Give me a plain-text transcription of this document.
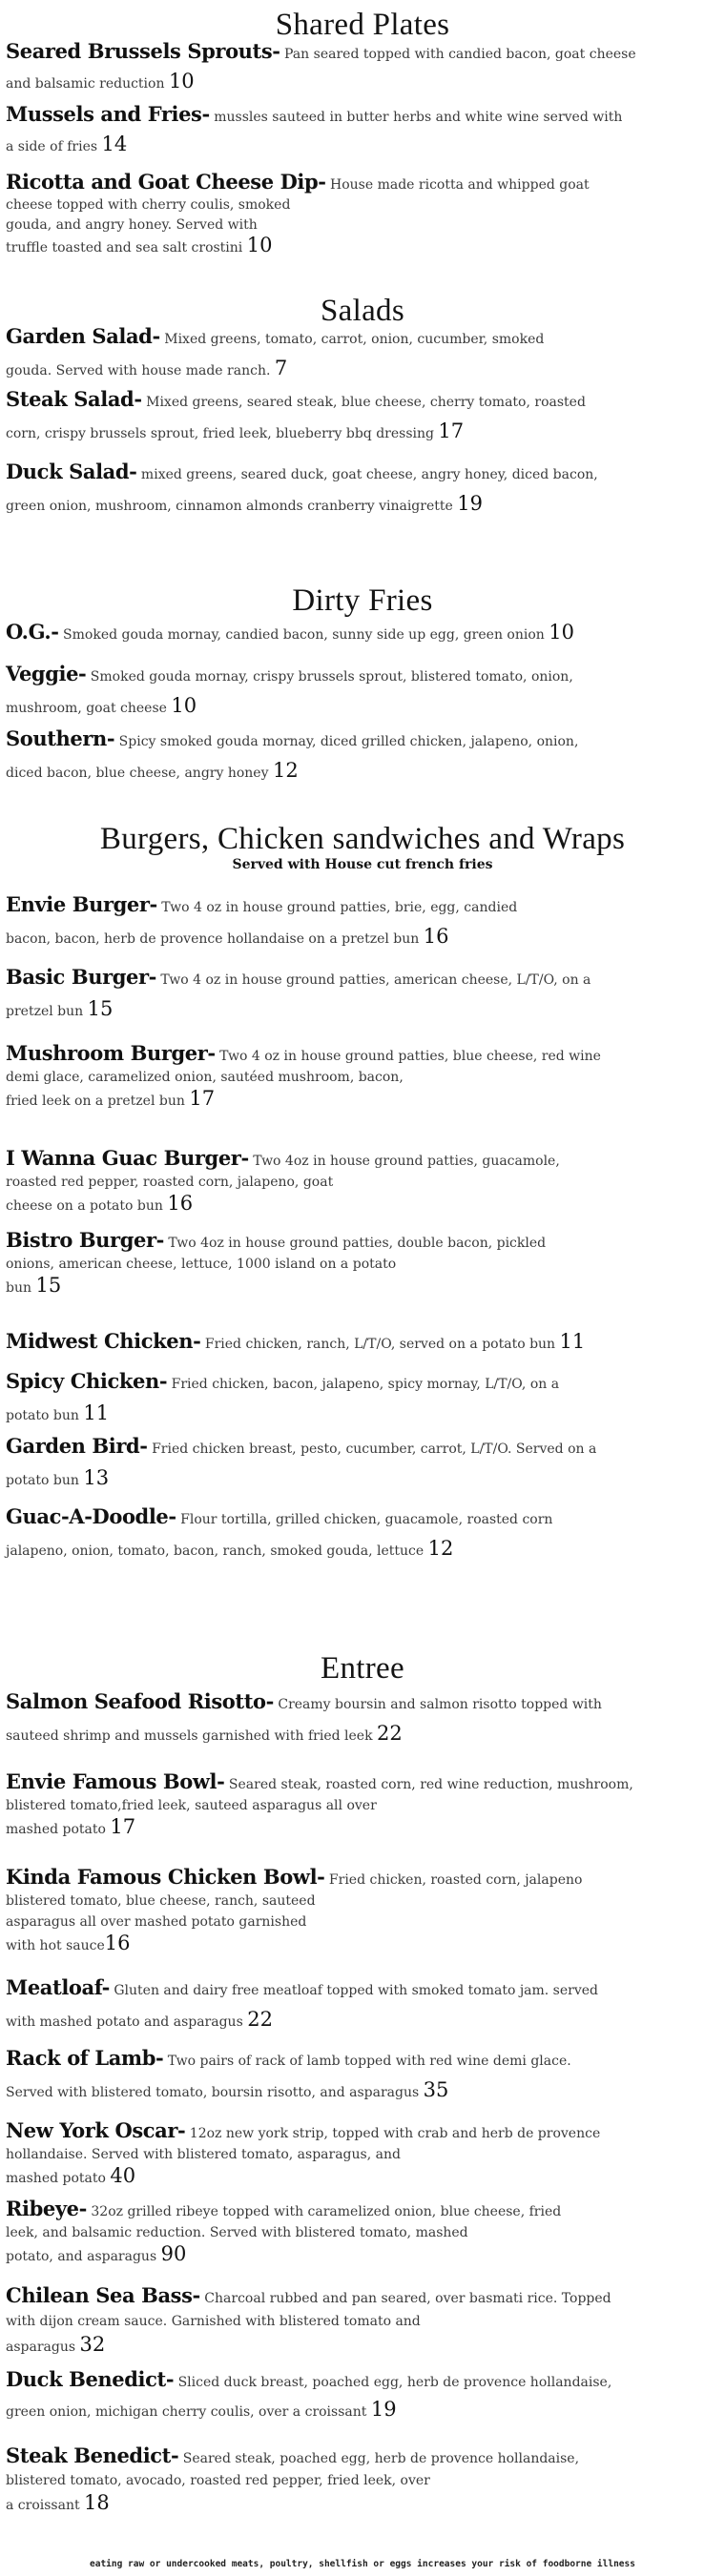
Shared Plates
Seared Brussels Sprouts- Pan seared topped with candied bacon, goat cheese
and balsamic reduction 10
Mussels and Fries- mussles sauteed in butter herbs and white wine served with
a side of fries 14
Ricotta and Goat Cheese Dip- House made ricotta and whipped goat
cheese topped with cherry coulis, smoked
gouda, and angry honey. Served with
truffle toasted and sea salt crostini 10
Salads
Garden Salad- Mixed greens, tomato, carrot, onion, cucumber, smoked
gouda. Served with house made ranch. 7
Steak Salad- Mixed greens, seared steak, blue cheese, cherry tomato, roasted
corn, crispy brussels sprout, fried leek, blueberry bbq dressing 17
Duck Salad- mixed greens, seared duck, goat cheese, angry honey, diced bacon,
green onion, mushroom, cinnamon almonds cranberry vinaigrette 19
Dirty Fries
O.G.- Smoked gouda mornay, candied bacon, sunny side up egg, green onion 10
Veggie- Smoked gouda mornay, crispy brussels sprout, blistered tomato, onion,
mushroom, goat cheese 10
Southern- Spicy smoked gouda mornay, diced grilled chicken, jalapeno, onion,
diced bacon, blue cheese, angry honey 12
Burgers, Chicken sandwiches and Wraps
Served with House cut french fries
Envie Burger- Two 4 oz in house ground patties, brie, egg, candied
bacon, bacon, herb de provence hollandaise on a pretzel bun 16
Basic Burger- Two 4 oz in house ground patties, american cheese, L/T/O, on a
pretzel bun 15
Mushroom Burger- Two 4 oz in house ground patties, blue cheese, red wine
demi glace, caramelized onion, sautéed mushroom, bacon,
fried leek on a pretzel bun 17
I Wanna Guac Burger- Two 4oz in house ground patties, guacamole,
roasted red pepper, roasted corn, jalapeno, goat
cheese on a potato bun 16
Bistro Burger- Two 4oz in house ground patties, double bacon, pickled
onions, american cheese, lettuce, 1000 island on a potato
bun 15
Midwest Chicken- Fried chicken, ranch, L/T/O, served on a potato bun 11
Spicy Chicken- Fried chicken, bacon, jalapeno, spicy mornay, L/T/O, on a
potato bun 11
Garden Bird- Fried chicken breast, pesto, cucumber, carrot, L/T/O. Served on a
potato bun 13
Guac-A-Doodle- Flour tortilla, grilled chicken, guacamole, roasted corn
jalapeno, onion, tomato, bacon, ranch, smoked gouda, lettuce 12
Entree
Salmon Seafood Risotto- Creamy boursin and salmon risotto topped with
sauteed shrimp and mussels garnished with fried leek 22
Envie Famous Bowl- Seared steak, roasted corn, red wine reduction, mushroom,
blistered tomato,fried leek, sauteed asparagus all over
mashed potato 17
Kinda Famous Chicken Bowl- Fried chicken, roasted corn, jalapeno
blistered tomato, blue cheese, ranch, sauteed
asparagus all over mashed potato garnished
with hot sauce16
Meatloaf- Gluten and dairy free meatloaf topped with smoked tomato jam. served
with mashed potato and asparagus 22
Rack of Lamb- Two pairs of rack of lamb topped with red wine demi glace.
Served with blistered tomato, boursin risotto, and asparagus 35
New York Oscar- 12oz new york strip, topped with crab and herb de provence
hollandaise. Served with blistered tomato, asparagus, and
mashed potato 40
Ribeye- 32oz grilled ribeye topped with caramelized onion, blue cheese, fried
leek, and balsamic reduction. Served with blistered tomato, mashed
potato, and asparagus 90
Chilean Sea Bass- Charcoal rubbed and pan seared, over basmati rice. Topped
with dijon cream sauce. Garnished with blistered tomato and
asparagus 32
Duck Benedict- Sliced duck breast, poached egg, herb de provence hollandaise,
green onion, michigan cherry coulis, over a croissant 19
Steak Benedict- Seared steak, poached egg, herb de provence hollandaise,
blistered tomato, avocado, roasted red pepper, fried leek, over
a croissant 18
eating raw or undercooked meats, poultry, shellfish or eggs increases your risk of foodborne illness
